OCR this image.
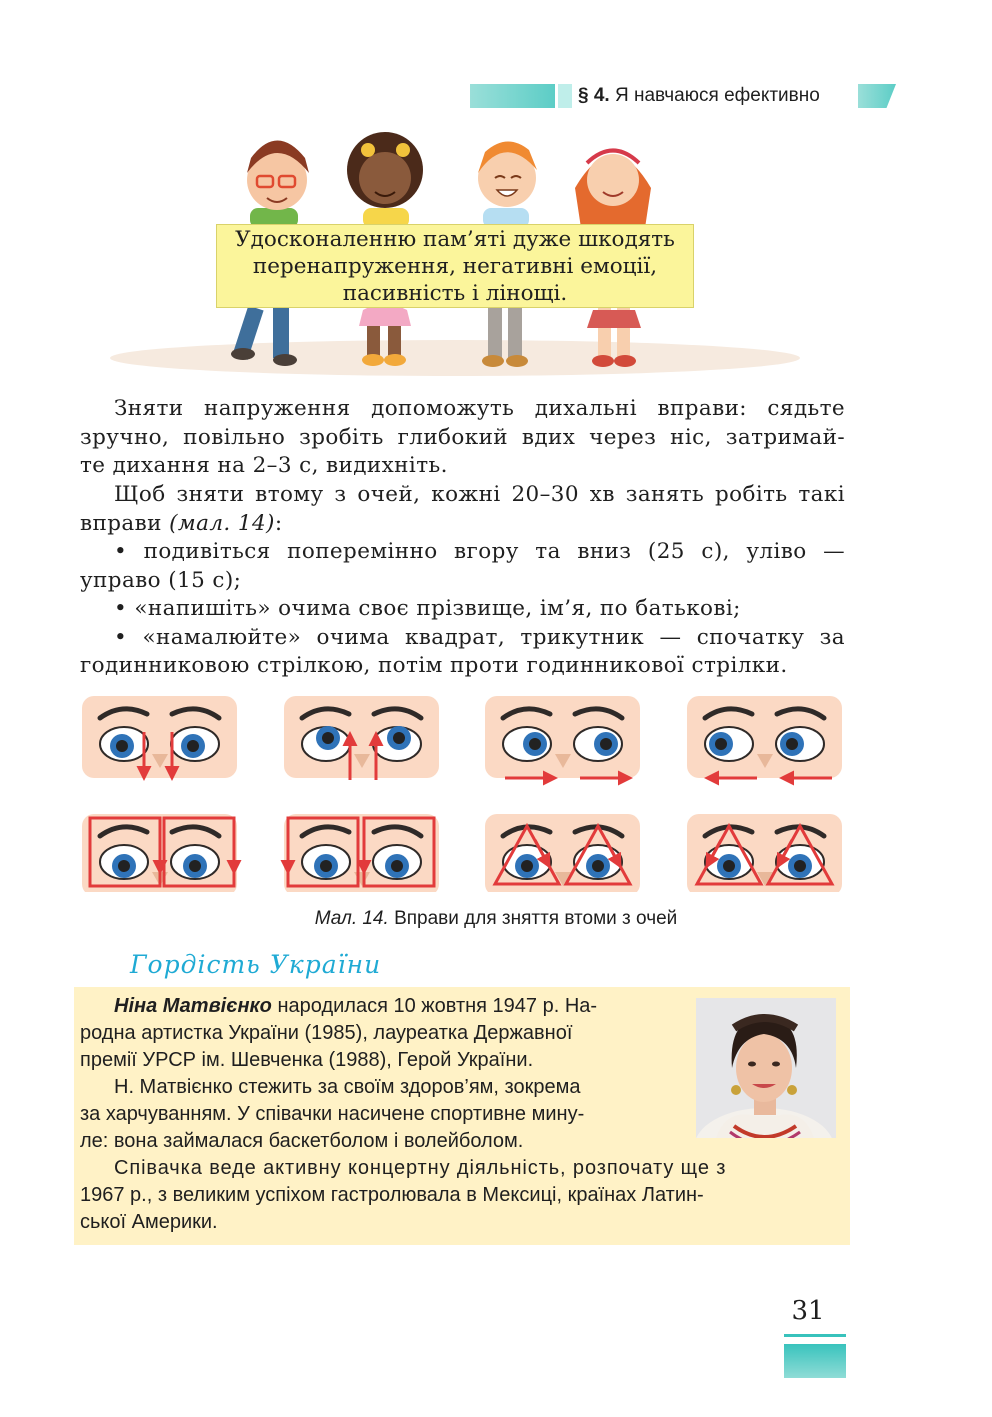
§ 4. Я навчаюся ефективно
Удосконаленню пам’яті дуже шкодять
перенапруження, негативні емоції,
пасивність і лінощі.
Зняти напруження допоможуть дихальні вправи: сядьте
зручно, повільно зробіть глибокий вдих через ніс, затримай-
те дихання на 2–3 с, видихніть.
Щоб зняти втому з очей, кожні 20–30 хв занять робіть такі
вправи (мал. 14):
• подивіться поперемінно вгору та вниз (25 с), уліво —
управо (15 с);
• «напишіть» очима своє прізвище, ім’я, по батькові;
• «намалюйте» очима квадрат, трикутник — спочатку за
годинниковою стрілкою, потім проти годинникової стрілки.
Мал. 14. Вправи для зняття втоми з очей
Гордість України
Ніна Матвієнко народилася 10 жовтня 1947 р. На-
родна артистка України (1985), лауреатка Державної
премії УРСР ім. Шевченка (1988), Герой України.
Н. Матвієнко стежить за своїм здоров’ям, зокрема
за харчуванням. У співачки насичене спортивне мину-
ле: вона займалася баскетболом і волейболом.
Співачка веде активну концертну діяльність, розпочату ще з
1967 р., з великим успіхом гастролювала в Мексиці, країнах Латин-
ської Америки.
31
